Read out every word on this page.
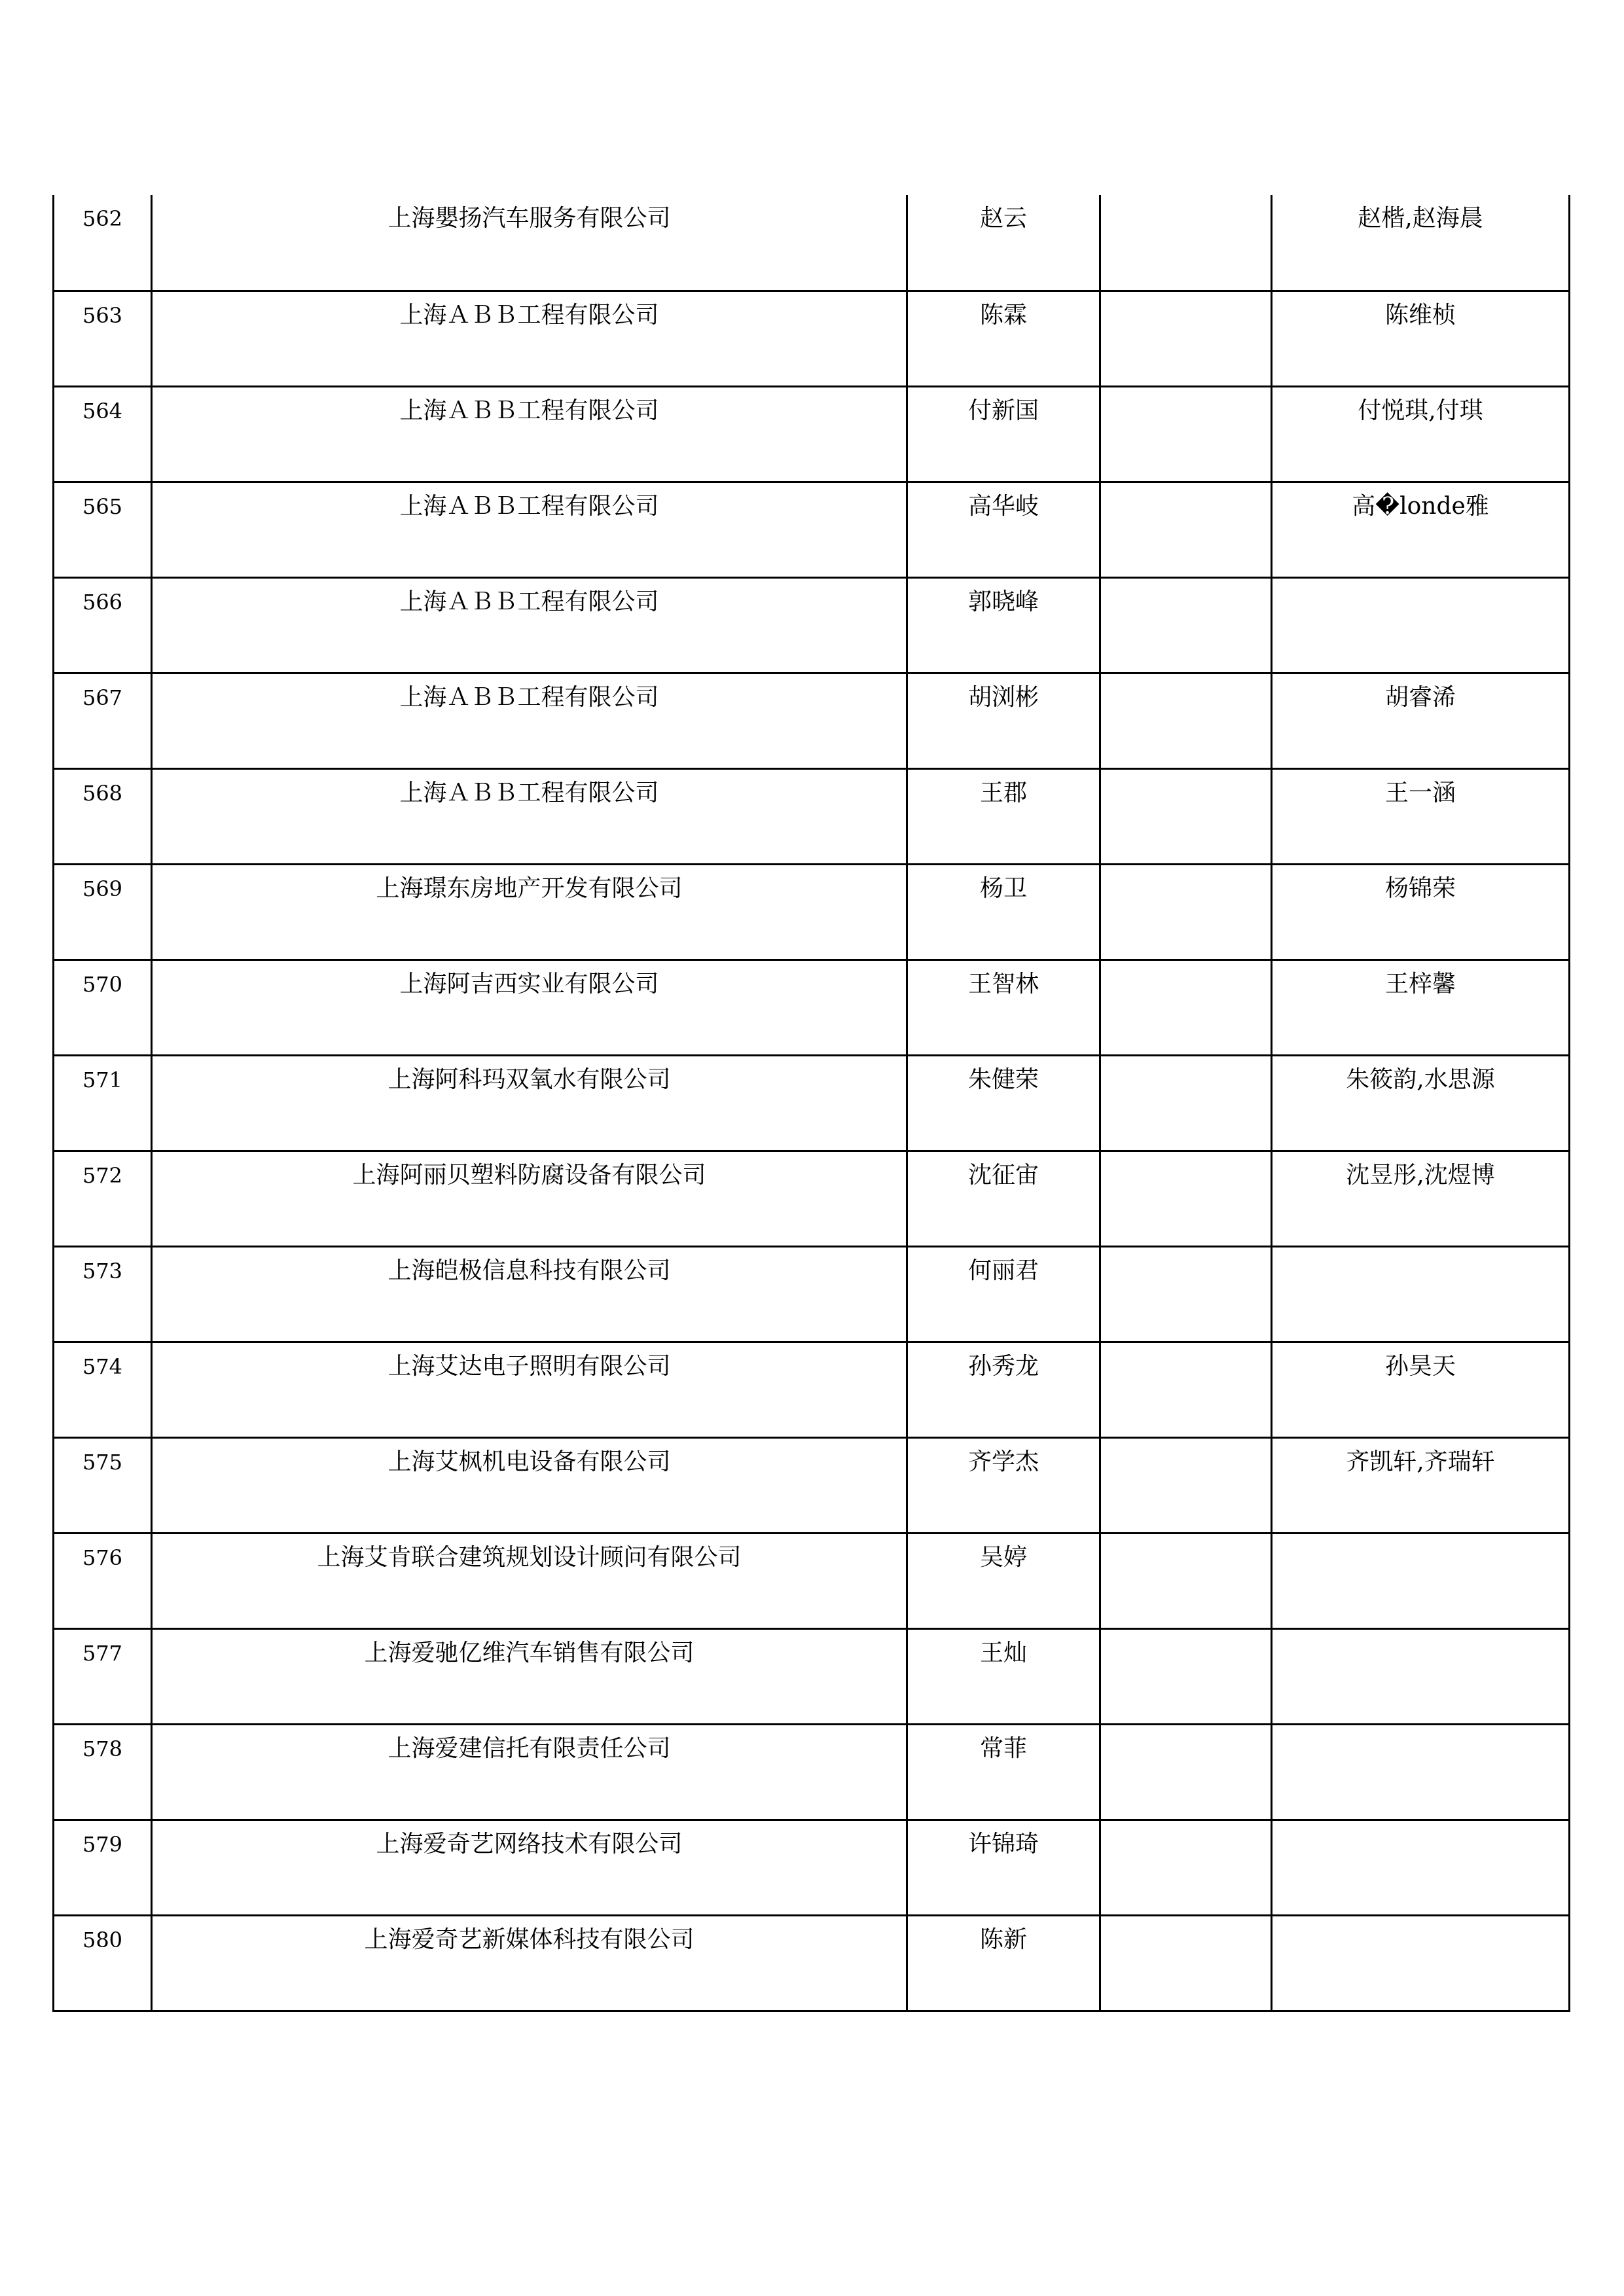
562	上海嬰扬汽车服务有限公司	赵云		赵楷,赵海晨

563	上海ＡＢＢ工程有限公司	陈霖		陈维桢

564	上海ＡＢＢ工程有限公司	付新国		付悦琪,付琪

565	上海ＡＢＢ工程有限公司	高华岐		高�londe雅

566	上海ＡＢＢ工程有限公司	郭晓峰		

567	上海ＡＢＢ工程有限公司	胡浏彬		胡睿浠

568	上海ＡＢＢ工程有限公司	王郡		王一涵

569	上海璟东房地产开发有限公司	杨卫		杨锦荣

570	上海阿吉西实业有限公司	王智林		王梓馨

571	上海阿科玛双氧水有限公司	朱健荣		朱筱韵,水思源

572	上海阿丽贝塑料防腐设备有限公司	沈征宙		沈昱彤,沈煜博

573	上海皑极信息科技有限公司	何丽君		

574	上海艾达电子照明有限公司	孙秀龙		孙昊天

575	上海艾枫机电设备有限公司	齐学杰		齐凯轩,齐瑞轩

576	上海艾肯联合建筑规划设计顾问有限公司	吴婷		

577	上海爱驰亿维汽车销售有限公司	王灿		

578	上海爱建信托有限责任公司	常菲		

579	上海爱奇艺网络技术有限公司	许锦琦		

580	上海爱奇艺新媒体科技有限公司	陈新		
